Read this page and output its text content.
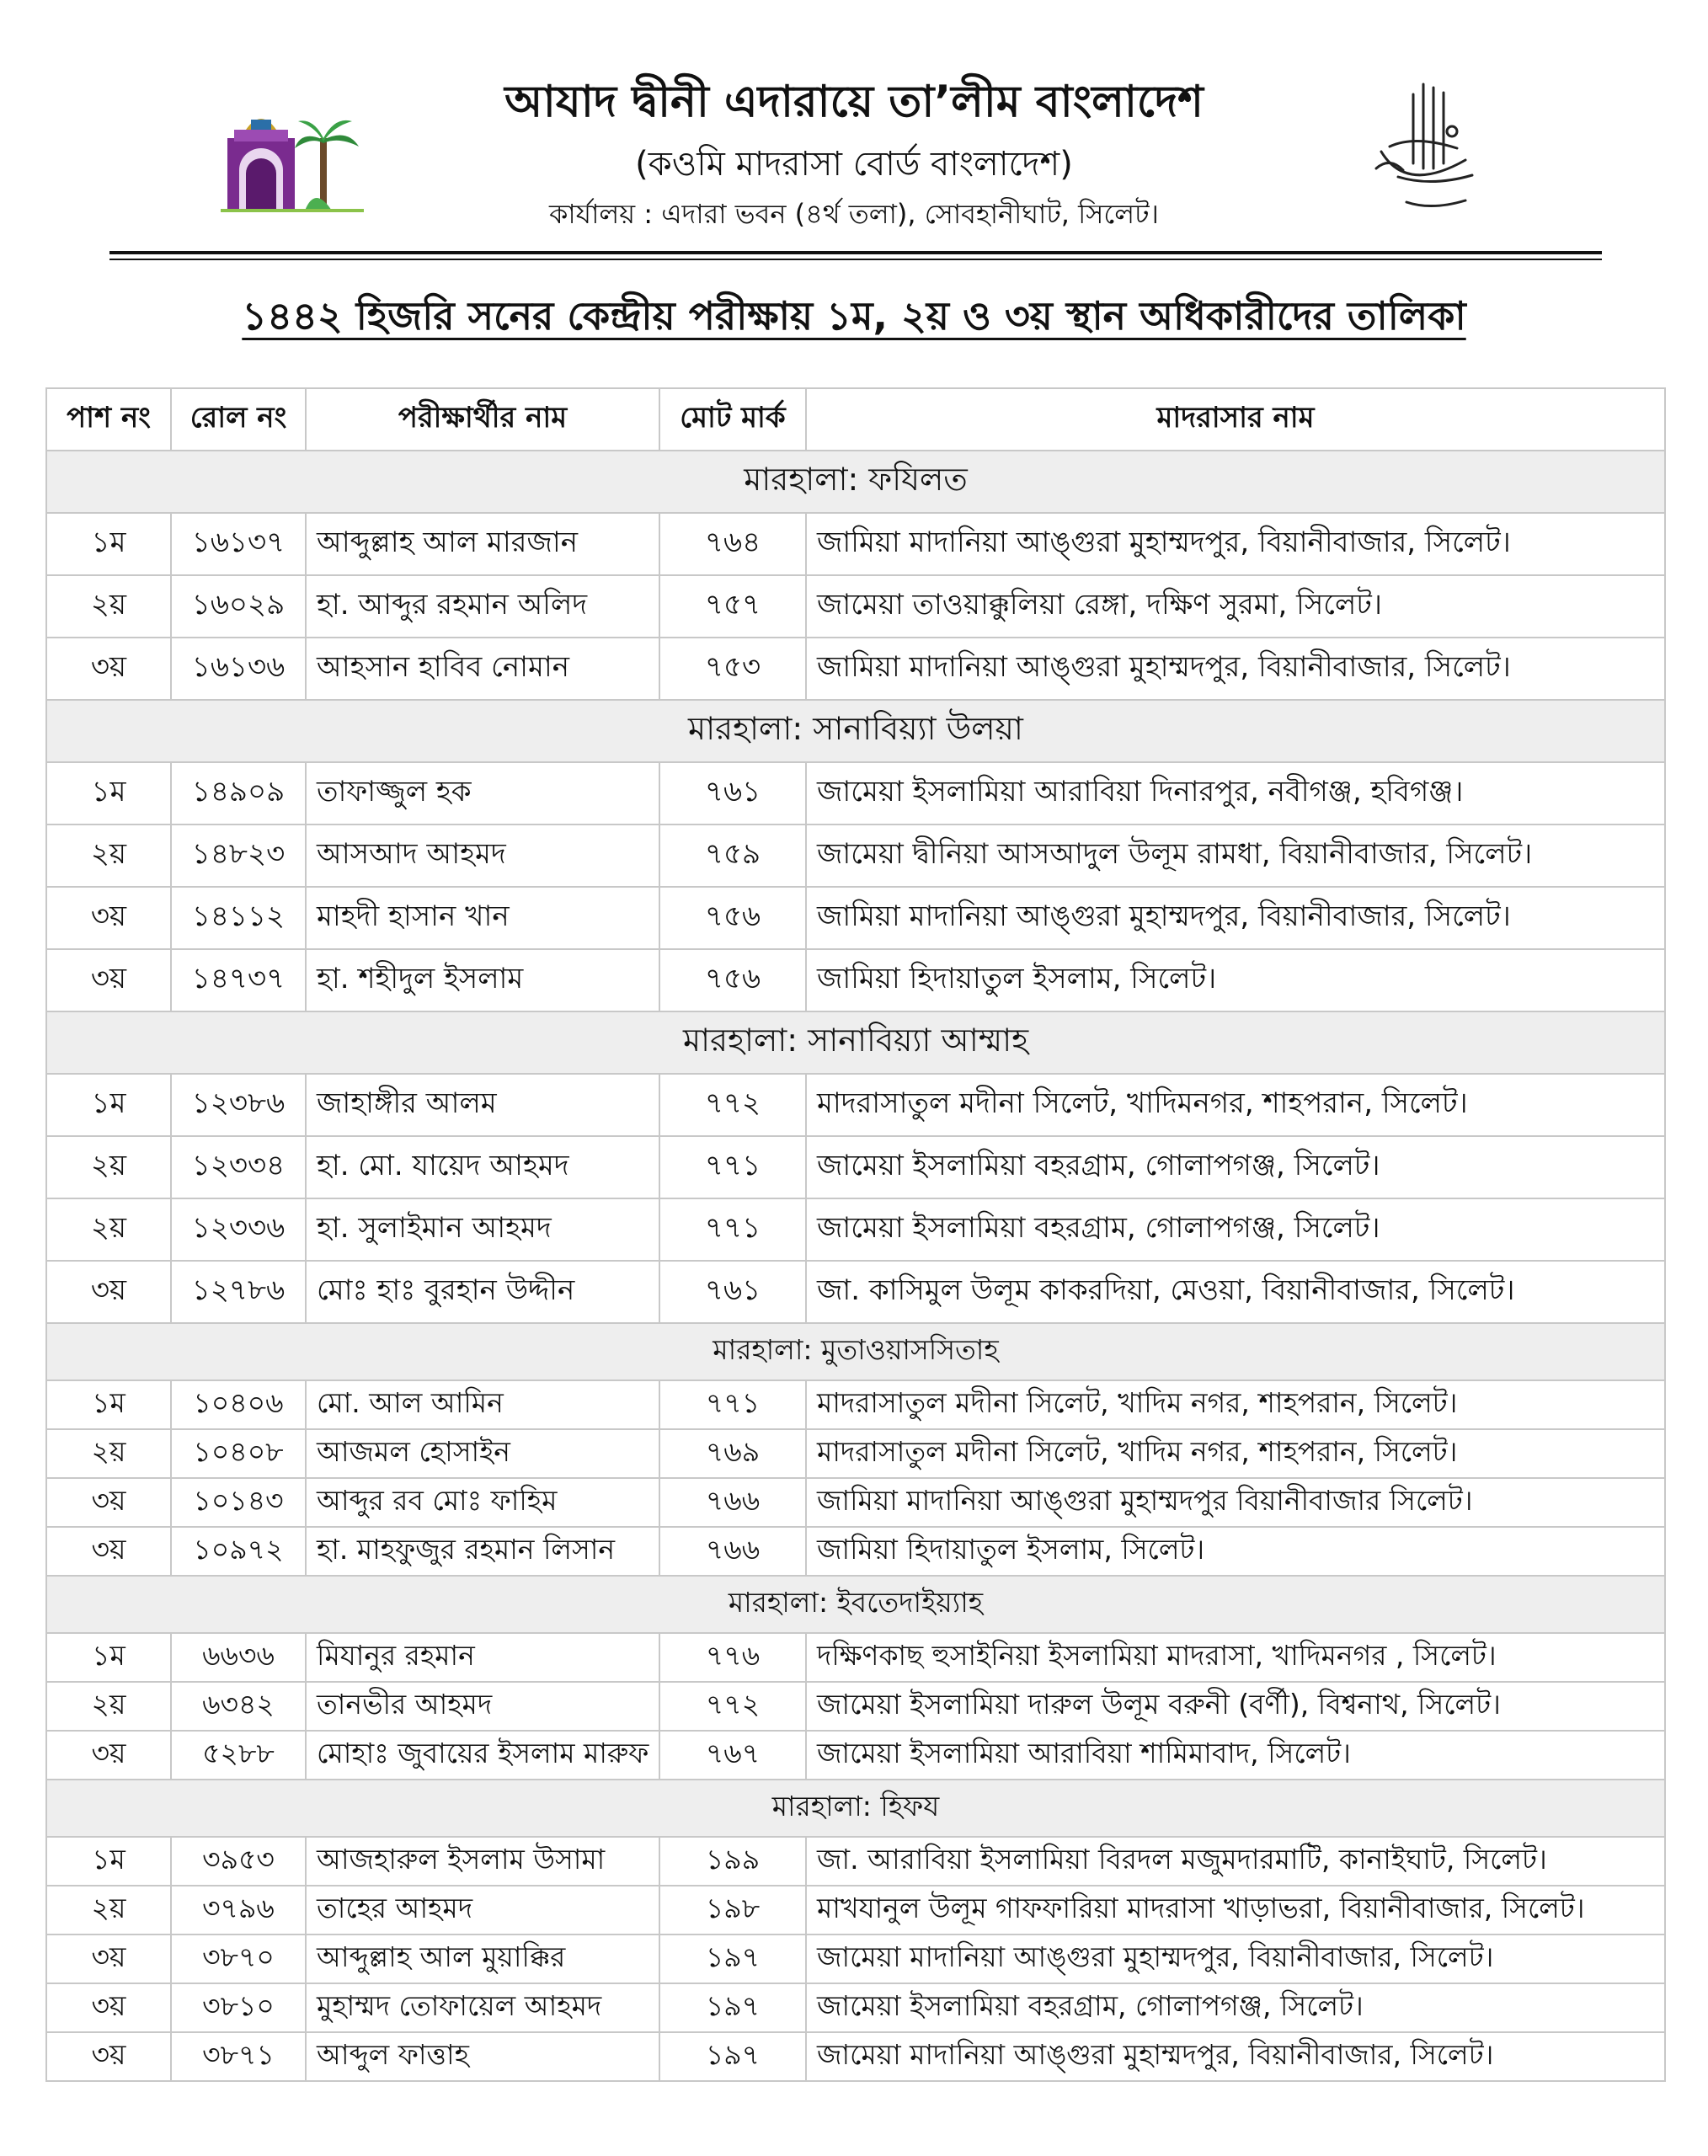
আযাদ দ্বীনী এদারায়ে তা’লীম বাংলাদেশ
(কওমি মাদরাসা বোর্ড বাংলাদেশ)
কার্যালয় : এদারা ভবন (৪র্থ তলা), সোবহানীঘাট, সিলেট।
১৪৪২ হিজরি সনের কেন্দ্রীয় পরীক্ষায় ১ম, ২য় ও ৩য় স্থান অধিকারীদের তালিকা
পাশ নং	রোল নং	পরীক্ষার্থীর নাম	মোট মার্ক	মাদরাসার নাম
মারহালা: ফযিলত				
১ম	১৬১৩৭	আব্দুল্লাহ আল মারজান	৭৬৪	জামিয়া মাদানিয়া আঙ্গুরা মুহাম্মদপুর, বিয়ানীবাজার, সিলেট।
২য়	১৬০২৯	হা. আব্দুর রহমান অলিদ	৭৫৭	জামেয়া তাওয়াক্কুলিয়া রেঙ্গা, দক্ষিণ সুরমা, সিলেট।
৩য়	১৬১৩৬	আহসান হাবিব নোমান	৭৫৩	জামিয়া মাদানিয়া আঙ্গুরা মুহাম্মদপুর, বিয়ানীবাজার, সিলেট।
মারহালা: সানাবিয়্যা উলয়া				
১ম	১৪৯০৯	তাফাজ্জুল হক	৭৬১	জামেয়া ইসলামিয়া আরাবিয়া দিনারপুর, নবীগঞ্জ, হবিগঞ্জ।
২য়	১৪৮২৩	আসআদ আহমদ	৭৫৯	জামেয়া দ্বীনিয়া আসআদুল উলূম রামধা, বিয়ানীবাজার, সিলেট।
৩য়	১৪১১২	মাহদী হাসান খান	৭৫৬	জামিয়া মাদানিয়া আঙ্গুরা মুহাম্মদপুর, বিয়ানীবাজার, সিলেট।
৩য়	১৪৭৩৭	হা. শহীদুল ইসলাম	৭৫৬	জামিয়া হিদায়াতুল ইসলাম, সিলেট।
মারহালা: সানাবিয়্যা আম্মাহ				
১ম	১২৩৮৬	জাহাঙ্গীর আলম	৭৭২	মাদরাসাতুল মদীনা সিলেট, খাদিমনগর, শাহপরান, সিলেট।
২য়	১২৩৩৪	হা. মো. যায়েদ আহমদ	৭৭১	জামেয়া ইসলামিয়া বহরগ্রাম, গোলাপগঞ্জ, সিলেট।
২য়	১২৩৩৬	হা. সুলাইমান আহমদ	৭৭১	জামেয়া ইসলামিয়া বহরগ্রাম, গোলাপগঞ্জ, সিলেট।
৩য়	১২৭৮৬	মোঃ হাঃ বুরহান উদ্দীন	৭৬১	জা. কাসিমুল উলূম কাকরদিয়া, মেওয়া, বিয়ানীবাজার, সিলেট।
মারহালা: মুতাওয়াসসিতাহ				
১ম	১০৪০৬	মো. আল আমিন	৭৭১	মাদরাসাতুল মদীনা সিলেট, খাদিম নগর, শাহপরান, সিলেট।
২য়	১০৪০৮	আজমল হোসাইন	৭৬৯	মাদরাসাতুল মদীনা সিলেট, খাদিম নগর, শাহপরান, সিলেট।
৩য়	১০১৪৩	আব্দুর রব মোঃ ফাহিম	৭৬৬	জামিয়া মাদানিয়া আঙ্গুরা মুহাম্মদপুর বিয়ানীবাজার সিলেট।
৩য়	১০৯৭২	হা. মাহফুজুর রহমান লিসান	৭৬৬	জামিয়া হিদায়াতুল ইসলাম, সিলেট।
মারহালা: ইবতেদাইয়্যাহ				
১ম	৬৬৩৬	মিযানুর রহমান	৭৭৬	দক্ষিণকাছ হুসাইনিয়া ইসলামিয়া মাদরাসা, খাদিমনগর , সিলেট।
২য়	৬৩৪২	তানভীর আহমদ	৭৭২	জামেয়া ইসলামিয়া দারুল উলূম বরুনী (বর্ণী), বিশ্বনাথ, সিলেট।
৩য়	৫২৮৮	মোহাঃ জুবায়ের ইসলাম মারুফ	৭৬৭	জামেয়া ইসলামিয়া আরাবিয়া শামিমাবাদ, সিলেট।
মারহালা: হিফয				
১ম	৩৯৫৩	আজহারুল ইসলাম উসামা	১৯৯	জা. আরাবিয়া ইসলামিয়া বিরদল মজুমদারমাটি, কানাইঘাট, সিলেট।
২য়	৩৭৯৬	তাহের আহমদ	১৯৮	মাখযানুল উলূম গাফফারিয়া মাদরাসা খাড়াভরা, বিয়ানীবাজার, সিলেট।
৩য়	৩৮৭০	আব্দুল্লাহ আল মুয়াক্কির	১৯৭	জামেয়া মাদানিয়া আঙ্গুরা মুহাম্মদপুর, বিয়ানীবাজার, সিলেট।
৩য়	৩৮১০	মুহাম্মদ তোফায়েল আহমদ	১৯৭	জামেয়া ইসলামিয়া বহরগ্রাম, গোলাপগঞ্জ, সিলেট।
৩য়	৩৮৭১	আব্দুল ফাত্তাহ	১৯৭	জামেয়া মাদানিয়া আঙ্গুরা মুহাম্মদপুর, বিয়ানীবাজার, সিলেট।
